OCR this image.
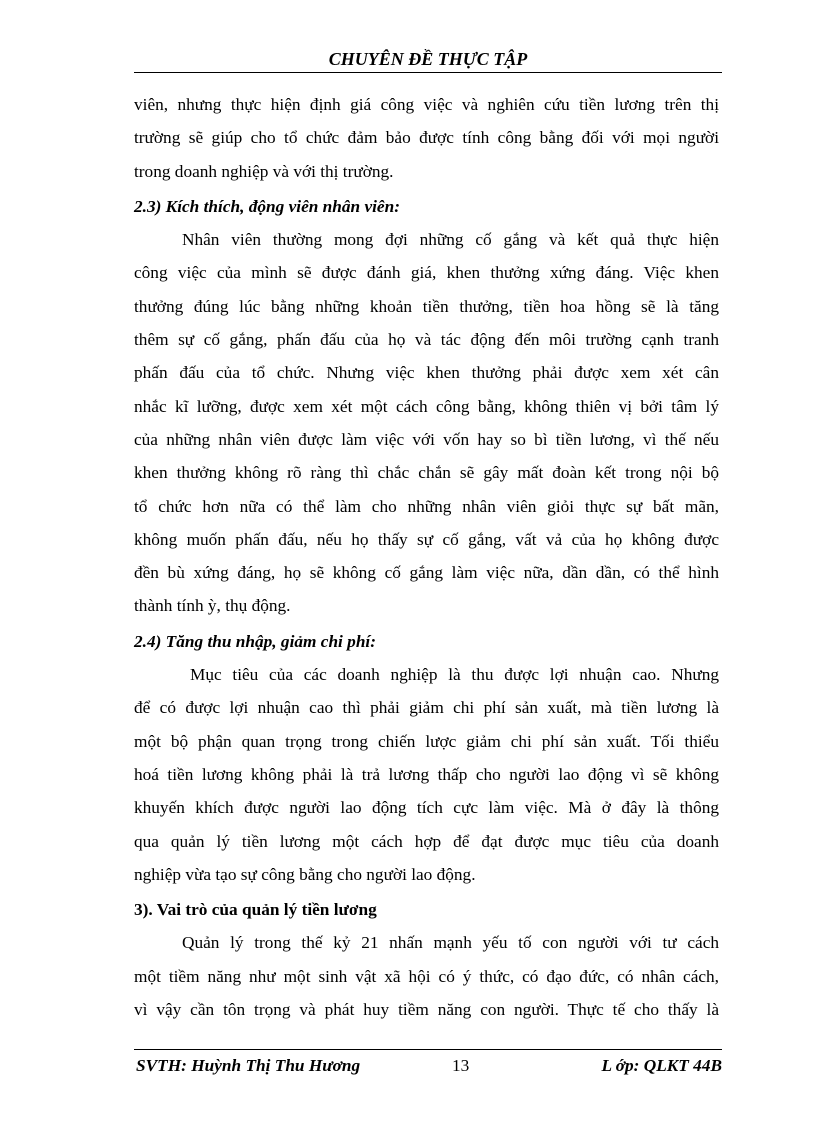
CHUYÊN ĐỀ THỰC TẬP

viên, nhưng thực hiện định giá công việc và nghiên cứu tiền lương trên thị

trường sẽ giúp cho tổ chức đảm bảo được tính công bằng đối với mọi người

trong doanh nghiệp và với thị trường.

2.3) Kích thích, động viên nhân viên:

Nhân viên thường mong đợi những cố gắng và kết quả thực hiện

công việc của mình sẽ được đánh giá, khen thưởng xứng đáng. Việc khen

thưởng đúng lúc bằng những khoản tiền thưởng, tiền hoa hồng sẽ là tăng

thêm sự cố gắng, phấn đấu của họ và tác động đến môi trường cạnh tranh

phấn đấu của tổ chức. Nhưng việc khen thưởng phải được xem xét cân

nhắc kĩ lưỡng, được xem xét một cách công bằng, không thiên vị bởi tâm lý

của những nhân viên được làm việc với vốn hay so bì tiền lương, vì thế nếu

khen thưởng không rõ ràng thì chắc chắn sẽ gây mất đoàn kết trong nội bộ

tổ chức hơn nữa có thể làm cho những nhân viên giỏi thực sự bất mãn,

không muốn phấn đấu, nếu họ thấy sự cố gắng, vất vả của họ không được

đền bù xứng đáng, họ sẽ không cố gắng làm việc nữa, dần dần, có thể hình

thành tính ỳ, thụ động.

2.4) Tăng thu nhập, giảm chi phí:

Mục tiêu của các doanh nghiệp là thu được lợi nhuận cao. Nhưng

để có được lợi nhuận cao thì phải giảm chi phí sản xuất, mà tiền lương là

một bộ phận quan trọng trong chiến lược giảm chi phí sản xuất. Tối thiểu

hoá tiền lương không phải là trả lương thấp cho người lao động vì sẽ không

khuyến khích được người lao động tích cực làm việc. Mà ở đây là thông

qua quản lý tiền lương một cách hợp để đạt được mục tiêu của doanh

nghiệp vừa tạo sự công bằng cho người lao động.

3). Vai trò của quản lý tiền lương

Quản lý trong thế kỷ 21 nhấn mạnh yếu tố con người với tư cách

một tiềm năng như một sinh vật xã hội có ý thức, có đạo đức, có nhân cách,

vì vậy cần tôn trọng và phát huy tiềm năng con người. Thực tế cho thấy là

SVTH: Huỳnh Thị Thu Hương	13	L ớp: QLKT 44B
